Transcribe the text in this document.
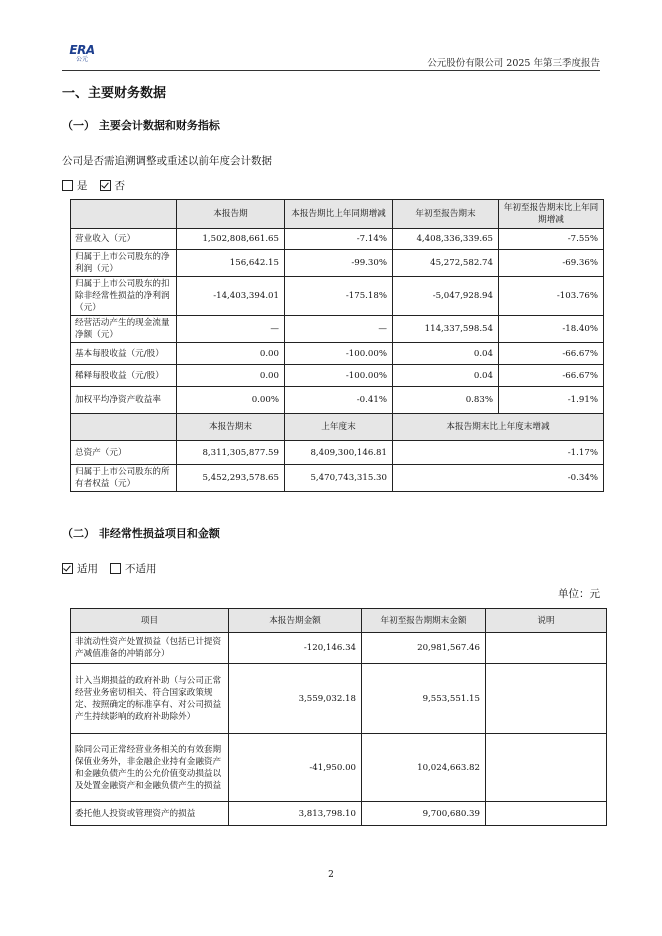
ERA
公元	公元股份有限公司 2025 年第三季度报告
一、主要财务数据
（一） 主要会计数据和财务指标
公司是否需追溯调整或重述以前年度会计数据
是	否
	本报告期	本报告期比上年同期增减	年初至报告期末	年初至报告期末比上年同期增减
营业收入（元）	1,502,808,661.65	-7.14%	4,408,336,339.65	-7.55%
归属于上市公司股东的净利润（元）	156,642.15	-99.30%	45,272,582.74	-69.36%
归属于上市公司股东的扣除非经常性损益的净利润（元）	-14,403,394.01	-175.18%	-5,047,928.94	-103.76%
经营活动产生的现金流量净额（元）	—	—	114,337,598.54	-18.40%
基本每股收益（元/股）	0.00	-100.00%	0.04	-66.67%
稀释每股收益（元/股）	0.00	-100.00%	0.04	-66.67%
加权平均净资产收益率	0.00%	-0.41%	0.83%	-1.91%
	本报告期末	上年度末	本报告期末比上年度末增减	
总资产（元）	8,311,305,877.59	8,409,300,146.81	-1.17%	
归属于上市公司股东的所有者权益（元）	5,452,293,578.65	5,470,743,315.30	-0.34%	
（二） 非经常性损益项目和金额
适用	不适用
单位：元
项目	本报告期金额	年初至报告期期末金额	说明
非流动性资产处置损益（包括已计提资产减值准备的冲销部分）	-120,146.34	20,981,567.46	
计入当期损益的政府补助（与公司正常经营业务密切相关、符合国家政策规定、按照确定的标准享有、对公司损益产生持续影响的政府补助除外）	3,559,032.18	9,553,551.15	
除同公司正常经营业务相关的有效套期保值业务外，非金融企业持有金融资产和金融负债产生的公允价值变动损益以及处置金融资产和金融负债产生的损益	-41,950.00	10,024,663.82	
委托他人投资或管理资产的损益	3,813,798.10	9,700,680.39	
2
